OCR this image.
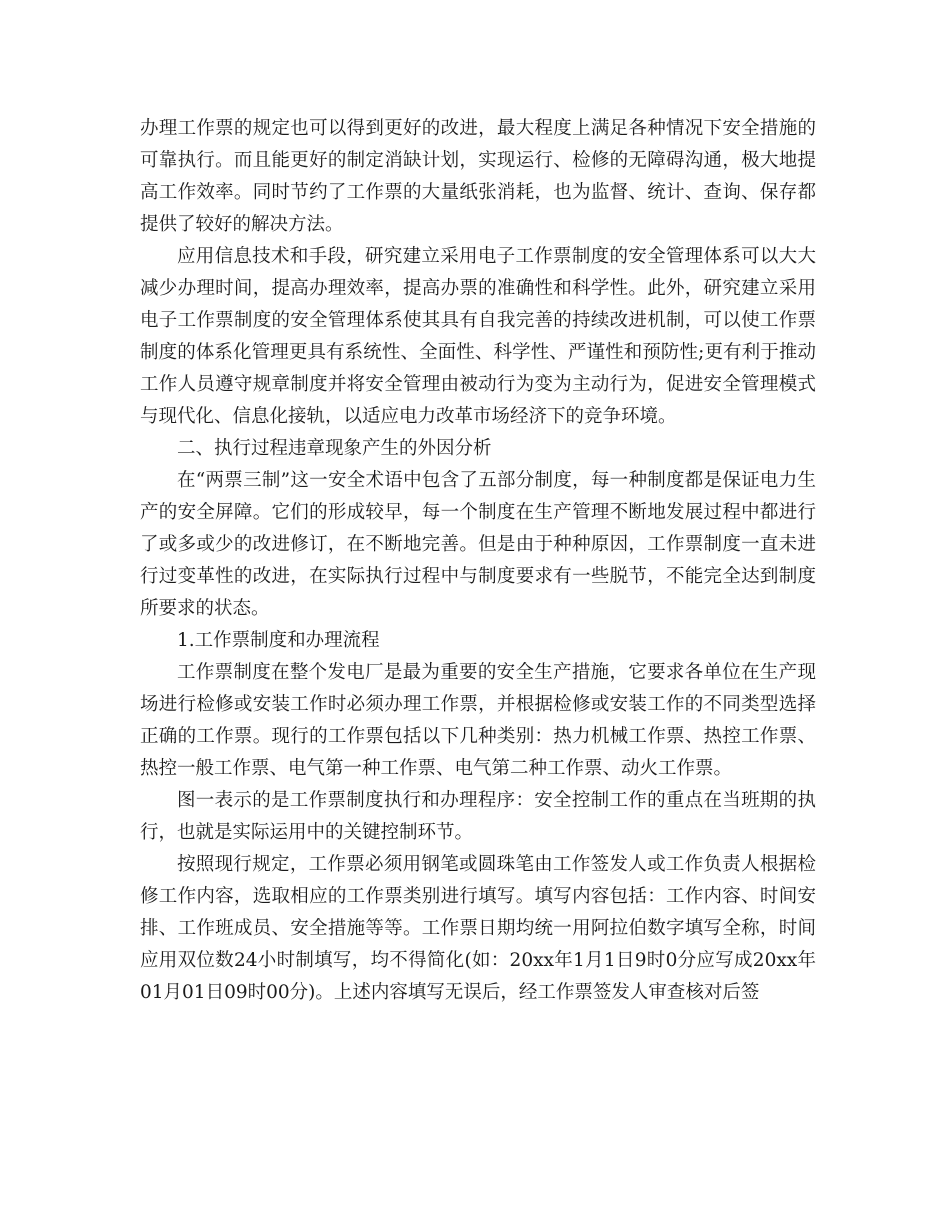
办理工作票的规定也可以得到更好的改进，最大程度上满足各种情况下安全措施的可靠执行。而且能更好的制定消缺计划，实现运行、检修的无障碍沟通，极大地提高工作效率。同时节约了工作票的大量纸张消耗，也为监督、统计、查询、保存都提供了较好的解决方法。

应用信息技术和手段，研究建立采用电子工作票制度的安全管理体系可以大大减少办理时间，提高办理效率，提高办票的准确性和科学性。此外，研究建立采用电子工作票制度的安全管理体系使其具有自我完善的持续改进机制，可以使工作票制度的体系化管理更具有系统性、全面性、科学性、严谨性和预防性;更有利于推动工作人员遵守规章制度并将安全管理由被动行为变为主动行为，促进安全管理模式与现代化、信息化接轨，以适应电力改革市场经济下的竞争环境。

二、执行过程违章现象产生的外因分析

在“两票三制”这一安全术语中包含了五部分制度，每一种制度都是保证电力生产的安全屏障。它们的形成较早，每一个制度在生产管理不断地发展过程中都进行了或多或少的改进修订，在不断地完善。但是由于种种原因，工作票制度一直未进行过变革性的改进，在实际执行过程中与制度要求有一些脱节，不能完全达到制度所要求的状态。

1.工作票制度和办理流程

工作票制度在整个发电厂是最为重要的安全生产措施，它要求各单位在生产现场进行检修或安装工作时必须办理工作票，并根据检修或安装工作的不同类型选择正确的工作票。现行的工作票包括以下几种类别：热力机械工作票、热控工作票、热控一般工作票、电气第一种工作票、电气第二种工作票、动火工作票。

图一表示的是工作票制度执行和办理程序：安全控制工作的重点在当班期的执行，也就是实际运用中的关键控制环节。

按照现行规定，工作票必须用钢笔或圆珠笔由工作签发人或工作负责人根据检修工作内容，选取相应的工作票类别进行填写。填写内容包括：工作内容、时间安排、工作班成员、安全措施等等。工作票日期均统一用阿拉伯数字填写全称，时间应用双位数24小时制填写，均不得简化(如：20xx年1月1日9时0分应写成20xx年01月01日09时00分)。上述内容填写无误后，经工作票签发人审查核对后签
